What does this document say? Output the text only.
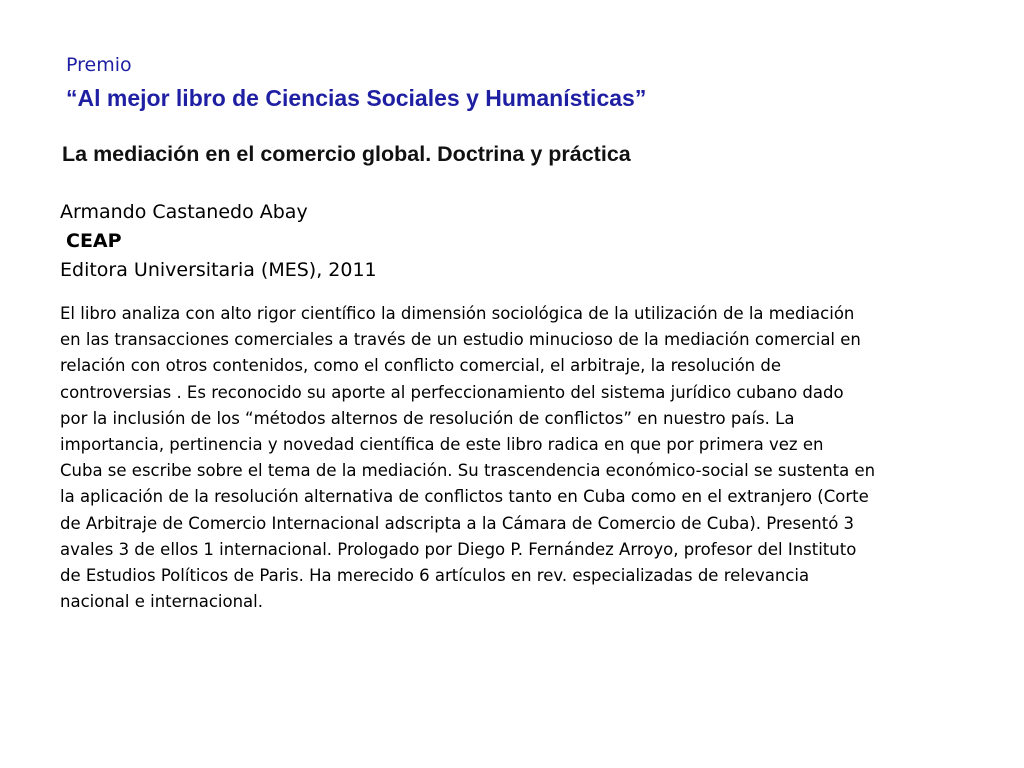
Premio
“Al mejor libro de Ciencias Sociales y Humanísticas”
La mediación en el comercio global. Doctrina y práctica
Armando Castanedo Abay
CEAP
Editora Universitaria (MES), 2011
El libro analiza con alto rigor científico la dimensión sociológica de la utilización de la mediación
en las transacciones comerciales a través de un estudio minucioso de la mediación comercial en
relación con otros contenidos, como el conflicto comercial, el arbitraje, la resolución de
controversias . Es reconocido su aporte al perfeccionamiento del sistema jurídico cubano dado
por la inclusión de los “métodos alternos de resolución de conflictos” en nuestro país. La
importancia, pertinencia y novedad científica de este libro radica en que por primera vez en
Cuba se escribe sobre el tema de la mediación. Su trascendencia económico-social se sustenta en
la aplicación de la resolución alternativa de conflictos tanto en Cuba como en el extranjero (Corte
de Arbitraje de Comercio Internacional adscripta a la Cámara de Comercio de Cuba). Presentó 3
avales 3 de ellos 1 internacional. Prologado por Diego P. Fernández Arroyo, profesor del Instituto
de Estudios Políticos de Paris. Ha merecido 6 artículos en rev. especializadas de relevancia
nacional e internacional.
